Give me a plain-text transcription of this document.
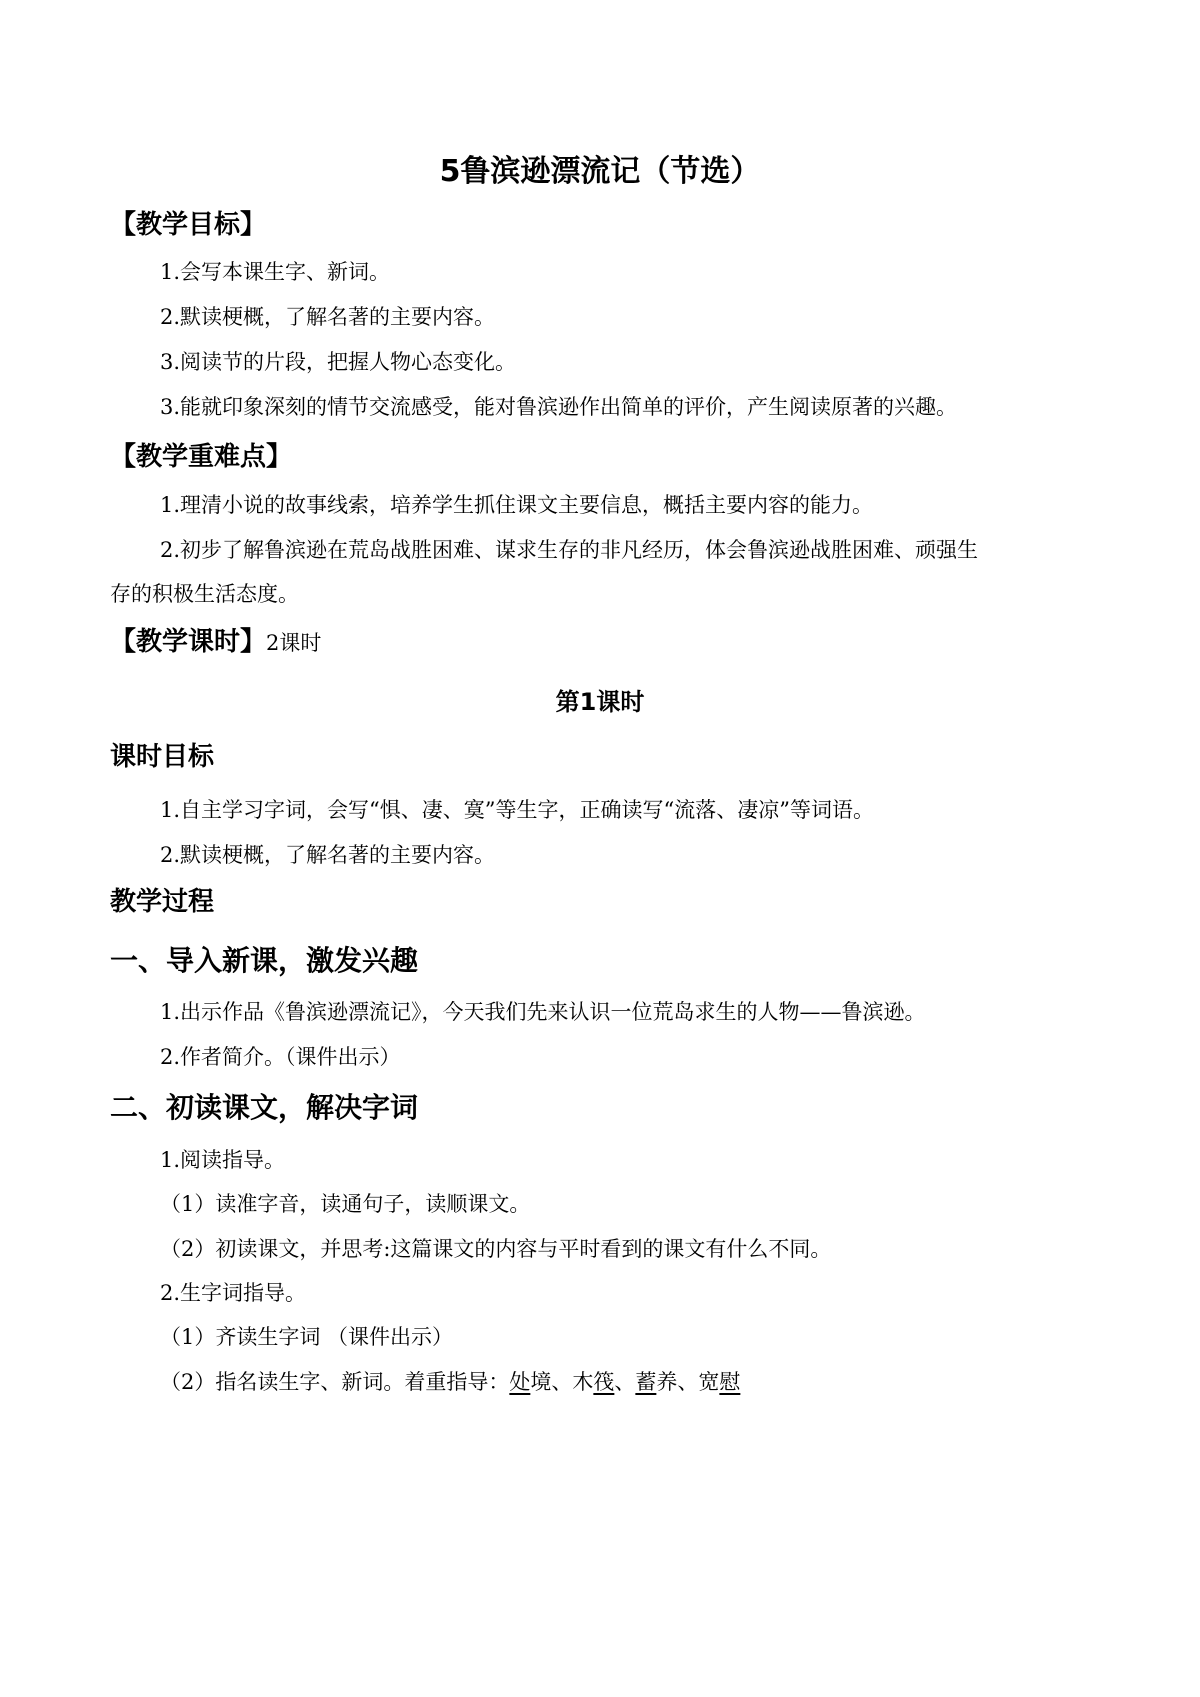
5鲁滨逊漂流记（节选）
【教学目标】
1.会写本课生字、新词。
2.默读梗概，了解名著的主要内容。
3.阅读节的片段，把握人物心态变化。
3.能就印象深刻的情节交流感受，能对鲁滨逊作出简单的评价，产生阅读原著的兴趣。
【教学重难点】
1.理清小说的故事线索，培养学生抓住课文主要信息，概括主要内容的能力。
2.初步了解鲁滨逊在荒岛战胜困难、谋求生存的非凡经历，体会鲁滨逊战胜困难、顽强生
存的积极生活态度。
【教学课时】2课时
第1课时
课时目标
1.自主学习字词，会写“惧、凄、寞”等生字，正确读写“流落、凄凉”等词语。
2.默读梗概，了解名著的主要内容。
教学过程
一、导入新课，激发兴趣
1.出示作品《鲁滨逊漂流记》，今天我们先来认识一位荒岛求生的人物——鲁滨逊。
2.作者简介。（课件出示）
二、初读课文，解决字词
1.阅读指导。
（1）读准字音，读通句子，读顺课文。
（2）初读课文，并思考:这篇课文的内容与平时看到的课文有什么不同。
2.生字词指导。
（1）齐读生字词 （课件出示）
（2）指名读生字、新词。着重指导：处境、木筏、蓄养、宽慰
